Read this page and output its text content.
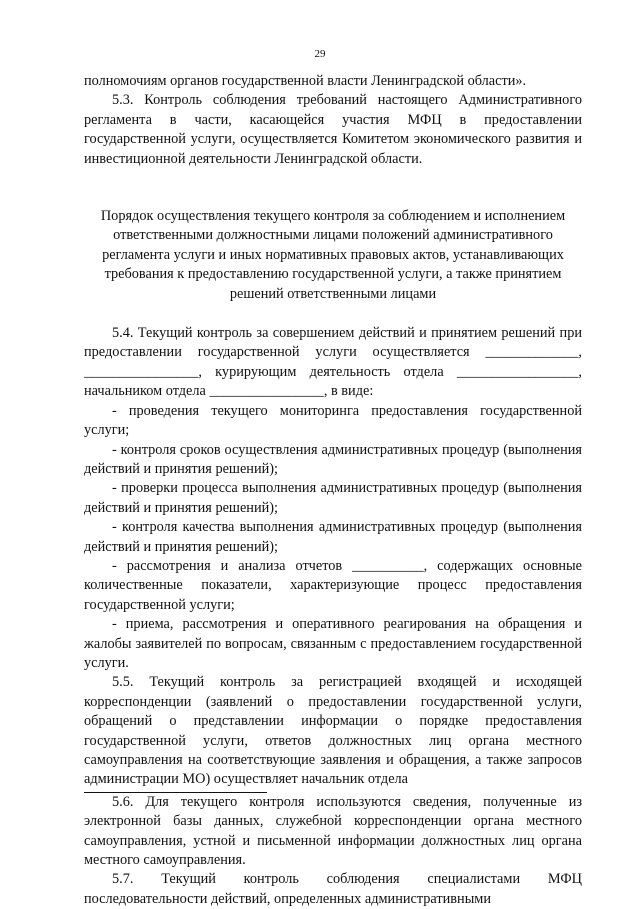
29

полномочиям органов государственной власти Ленинградской области».

5.3. Контроль соблюдения требований настоящего Административного регламента в части, касающейся участия МФЦ в предоставлении государственной услуги, осуществляется Комитетом экономического развития и инвестиционной деятельности Ленинградской области.

Порядок осуществления текущего контроля за соблюдением и исполнением ответственными должностными лицами положений административного регламента услуги и иных нормативных правовых актов, устанавливающих требования к предоставлению государственной услуги, а также принятием решений ответственными лицами

5.4. Текущий контроль за совершением действий и принятием решений при предоставлении государственной услуги осуществляется _____________, ________________, курирующим деятельность отдела _________________, начальником отдела ________________, в виде:

- проведения текущего мониторинга предоставления государственной услуги;

- контроля сроков осуществления административных процедур (выполнения действий и принятия решений);

- проверки процесса выполнения административных процедур (выполнения действий и принятия решений);

- контроля качества выполнения административных процедур (выполнения действий и принятия решений);

- рассмотрения и анализа отчетов __________, содержащих основные количественные показатели, характеризующие процесс предоставления государственной услуги;

- приема, рассмотрения и оперативного реагирования на обращения и жалобы заявителей по вопросам, связанным с предоставлением государственной услуги.

5.5. Текущий контроль за регистрацией входящей и исходящей корреспонденции (заявлений о предоставлении государственной услуги, обращений о представлении информации о порядке предоставления государственной услуги, ответов должностных лиц органа местного самоуправления на соответствующие заявления и обращения, а также запросов администрации МО) осуществляет начальник отдела

5.6. Для текущего контроля используются сведения, полученные из электронной базы данных, служебной корреспонденции органа местного самоуправления, устной и письменной информации должностных лиц органа местного самоуправления.

5.7. Текущий контроль соблюдения специалистами МФЦ последовательности действий, определенных административными
